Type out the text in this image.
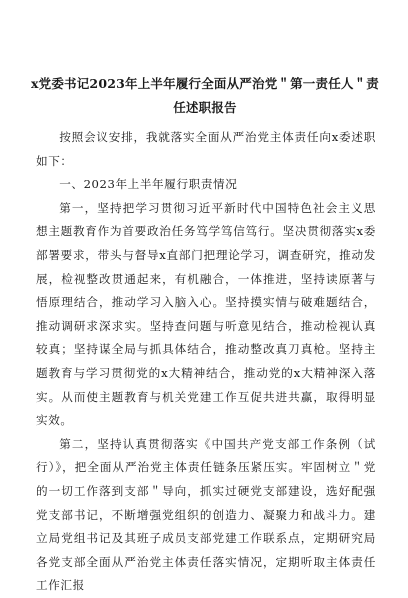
x党委书记2023年上半年履行全面从严治党＂第一责任人＂责任述职报告

按照会议安排，我就落实全面从严治党主体责任向x委述职如下：

一、2023年上半年履行职责情况

第一，坚持把学习贯彻习近平新时代中国特色社会主义思想主题教育作为首要政治任务笃学笃信笃行。坚决贯彻落实x委部署要求，带头与督导x直部门把理论学习，调查研究，推动发展，检视整改贯通起来，有机融合，一体推进，坚持读原著与悟原理结合，推动学习入脑入心。坚持摸实情与破难题结合，推动调研求深求实。坚持查问题与听意见结合，推动检视认真较真；坚持谋全局与抓具体结合，推动整改真刀真枪。坚持主题教育与学习贯彻党的x大精神结合，推动党的x大精神深入落实。从而使主题教育与机关党建工作互促共进共赢，取得明显实效。

第二，坚持认真贯彻落实《中国共产党支部工作条例（试行）》，把全面从严治党主体责任链条压紧压实。牢固树立＂党的一切工作落到支部＂导向，抓实过硬党支部建设，选好配强党支部书记，不断增强党组织的创造力、凝聚力和战斗力。建立局党组书记及其班子成员支部党建工作联系点，定期研究局各党支部全面从严治党主体责任落实情况，定期听取主体责任工作汇报
